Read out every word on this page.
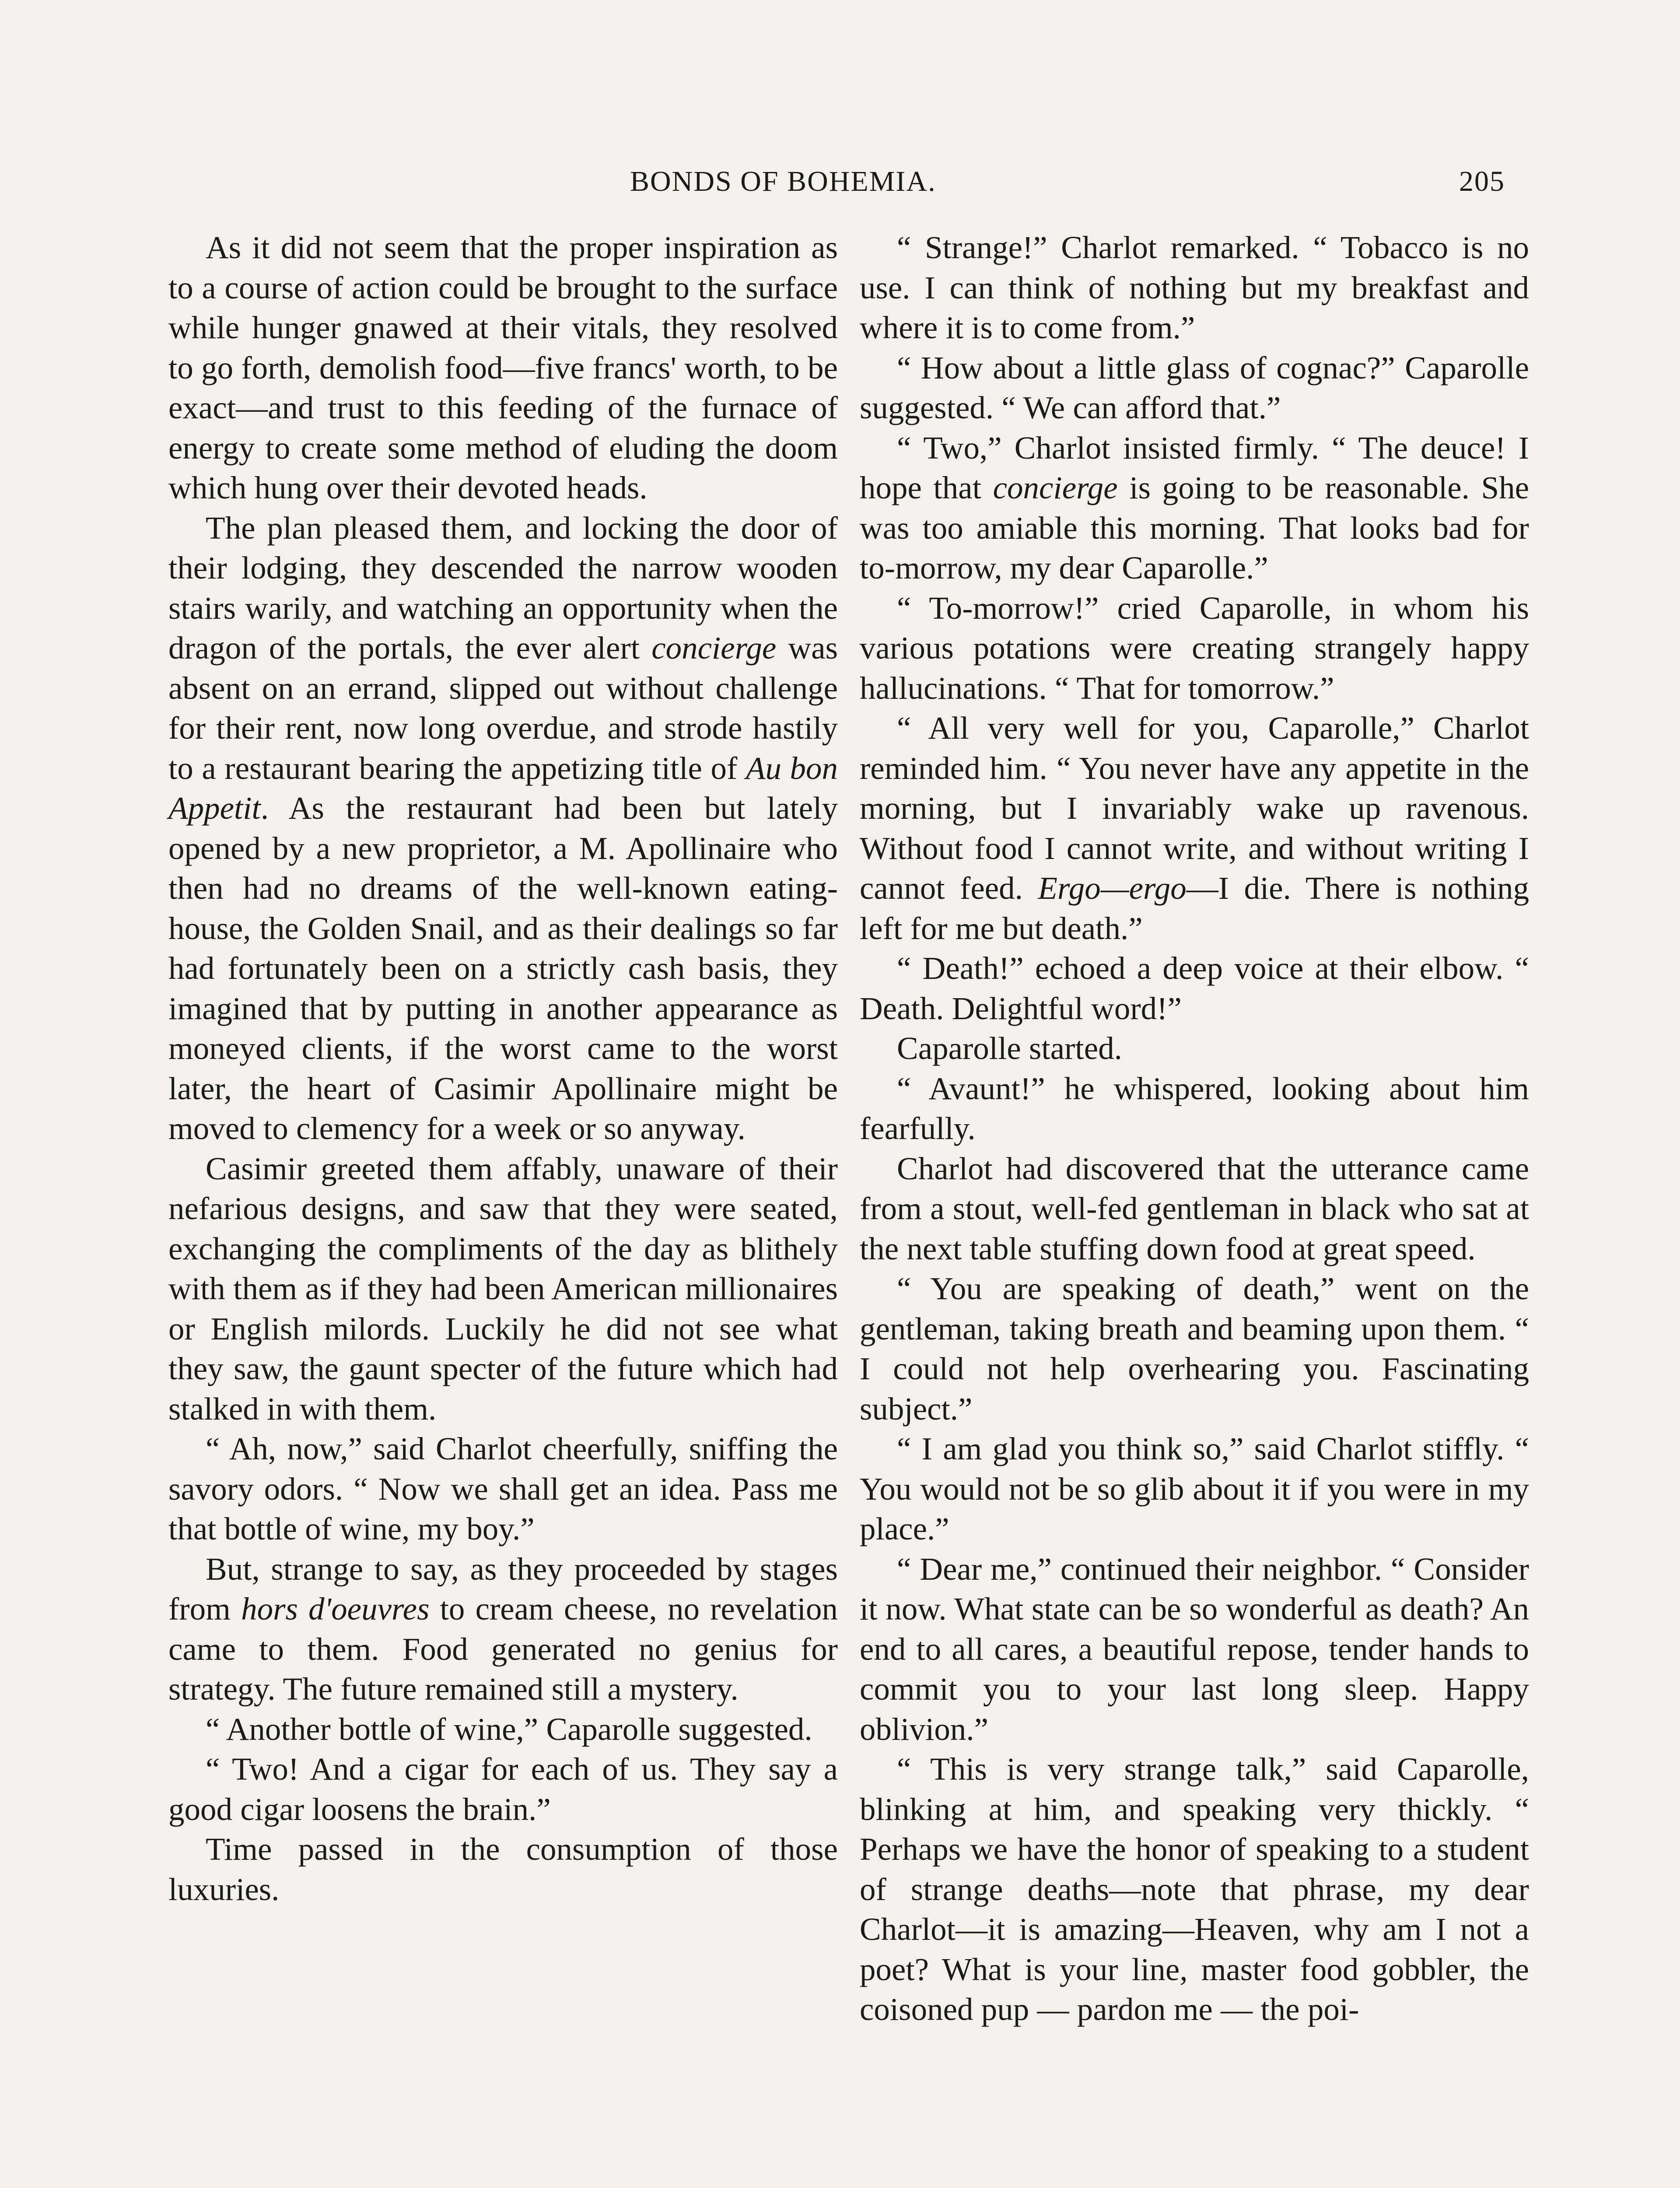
BONDS OF BOHEMIA.	205

As it did not seem that the proper inspiration as to a course of action could be brought to the surface while hunger gnawed at their vitals, they resolved to go forth, demolish food—five francs' worth, to be exact—and trust to this feeding of the furnace of energy to create some method of eluding the doom which hung over their devoted heads.

The plan pleased them, and locking the door of their lodging, they descended the narrow wooden stairs warily, and watching an opportunity when the dragon of the portals, the ever alert concierge was absent on an errand, slipped out without challenge for their rent, now long overdue, and strode hastily to a restaurant bearing the appetizing title of Au bon Appetit. As the restaurant had been but lately opened by a new proprietor, a M. Apollinaire who then had no dreams of the well-known eating-house, the Golden Snail, and as their dealings so far had fortunately been on a strictly cash basis, they imagined that by putting in another appearance as moneyed clients, if the worst came to the worst later, the heart of Casimir Apollinaire might be moved to clemency for a week or so anyway.

Casimir greeted them affably, unaware of their nefarious designs, and saw that they were seated, exchanging the compliments of the day as blithely with them as if they had been American millionaires or English milords. Luckily he did not see what they saw, the gaunt specter of the future which had stalked in with them.

“ Ah, now,” said Charlot cheerfully, sniffing the savory odors. “ Now we shall get an idea. Pass me that bottle of wine, my boy.”

But, strange to say, as they proceeded by stages from hors d'oeuvres to cream cheese, no revelation came to them. Food generated no genius for strategy. The future remained still a mystery.

“ Another bottle of wine,” Caparolle suggested.

“ Two! And a cigar for each of us. They say a good cigar loosens the brain.”

Time passed in the consumption of those luxuries.

“ Strange!” Charlot remarked. “ Tobacco is no use. I can think of nothing but my breakfast and where it is to come from.”

“ How about a little glass of cognac?” Caparolle suggested. “ We can afford that.”

“ Two,” Charlot insisted firmly. “ The deuce! I hope that concierge is going to be reasonable. She was too amiable this morning. That looks bad for to-morrow, my dear Caparolle.”

“ To-morrow!” cried Caparolle, in whom his various potations were creating strangely happy hallucinations. “ That for tomorrow.”

“ All very well for you, Caparolle,” Charlot reminded him. “ You never have any appetite in the morning, but I invariably wake up ravenous. Without food I cannot write, and without writing I cannot feed. Ergo—ergo—I die. There is nothing left for me but death.”

“ Death!” echoed a deep voice at their elbow. “ Death. Delightful word!”

Caparolle started.

“ Avaunt!” he whispered, looking about him fearfully.

Charlot had discovered that the utterance came from a stout, well-fed gentleman in black who sat at the next table stuffing down food at great speed.

“ You are speaking of death,” went on the gentleman, taking breath and beaming upon them. “ I could not help overhearing you. Fascinating subject.”

“ I am glad you think so,” said Charlot stiffly. “ You would not be so glib about it if you were in my place.”

“ Dear me,” continued their neighbor. “ Consider it now. What state can be so wonderful as death? An end to all cares, a beautiful repose, tender hands to commit you to your last long sleep. Happy oblivion.”

“ This is very strange talk,” said Caparolle, blinking at him, and speaking very thickly. “ Perhaps we have the honor of speaking to a student of strange deaths—note that phrase, my dear Charlot—it is amazing—Heaven, why am I not a poet? What is your line, master food gobbler, the coisoned pup — pardon me — the poi-
